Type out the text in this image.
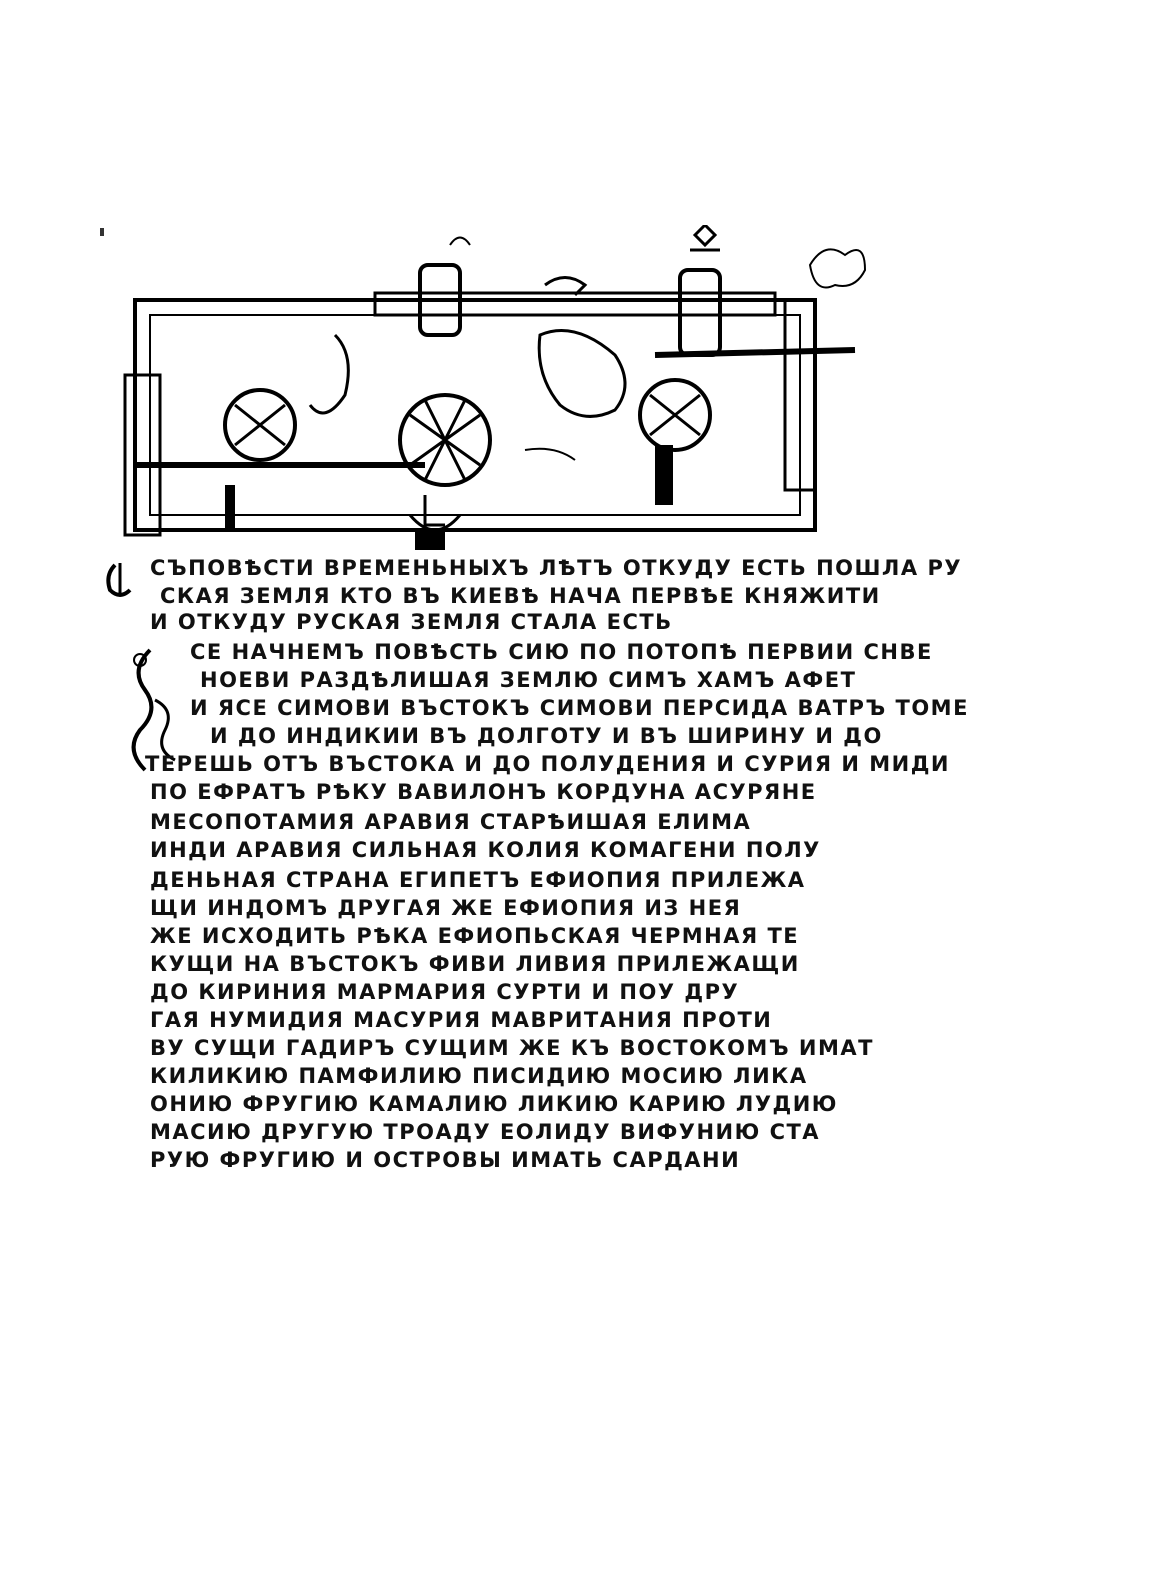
СЪПОВѢСТИ ВРЕМЕНЬНЫХЪ ЛѢТЪ ОТКУДУ ЕСТЬ ПОШЛА РУ
СКАЯ ЗЕМЛЯ КТО ВЪ КИЕВѢ НАЧА ПЕРВѢЕ КНЯЖИТИ
И ОТКУДУ РУСКАЯ ЗЕМЛЯ СТАЛА ЕСТЬ
СЕ НАЧНЕМЪ ПОВѢСТЬ СИЮ ПО ПОТОПѢ ПЕРВИИ СНВЕ
НОЕВИ РАЗДѢЛИШАЯ ЗЕМЛЮ СИМЪ ХАМЪ АФЕТ
И ЯСЕ СИМОВИ ВЪСТОКЪ СИМОВИ ПЕРСИДА ВАТРЪ ТОМЕ
И ДО ИНДИКИИ ВЪ ДОЛГОТУ И ВЪ ШИРИНУ И ДО
ТЕРЕШЬ ОТЪ ВЪСТОКА И ДО ПОЛУДЕНИЯ И СУРИЯ И МИДИ
ПО ЕФРАТЪ РѢКУ ВАВИЛОНЪ КОРДУНА АСУРЯНЕ
МЕСОПОТАМИЯ АРАВИЯ СТАРѢИШАЯ ЕЛИМА
ИНДИ АРАВИЯ СИЛЬНАЯ КОЛИЯ КОМАГЕНИ ПОЛУ
ДЕНЬНАЯ СТРАНА ЕГИПЕТЪ ЕФИОПИЯ ПРИЛЕЖА
ЩИ ИНДОМЪ ДРУГАЯ ЖЕ ЕФИОПИЯ ИЗ НЕЯ
ЖЕ ИСХОДИТЬ РѢКА ЕФИОПЬСКАЯ ЧЕРМНАЯ ТЕ
КУЩИ НА ВЪСТОКЪ ФИВИ ЛИВИЯ ПРИЛЕЖАЩИ
ДО КИРИНИЯ МАРМАРИЯ СУРТИ И ПОУ ДРУ
ГАЯ НУМИДИЯ МАСУРИЯ МАВРИТАНИЯ ПРОТИ
ВУ СУЩИ ГАДИРЪ СУЩИМ ЖЕ КЪ ВОСТОКОМЪ ИМАТ
КИЛИКИЮ ПАМФИЛИЮ ПИСИДИЮ МОСИЮ ЛИКА
ОНИЮ ФРУГИЮ КАМАЛИЮ ЛИКИЮ КАРИЮ ЛУДИЮ
МАСИЮ ДРУГУЮ ТРОАДУ ЕОЛИДУ ВИФУНИЮ СТА
РУЮ ФРУГИЮ И ОСТРОВЫ ИМАТЬ САРДАНИ
